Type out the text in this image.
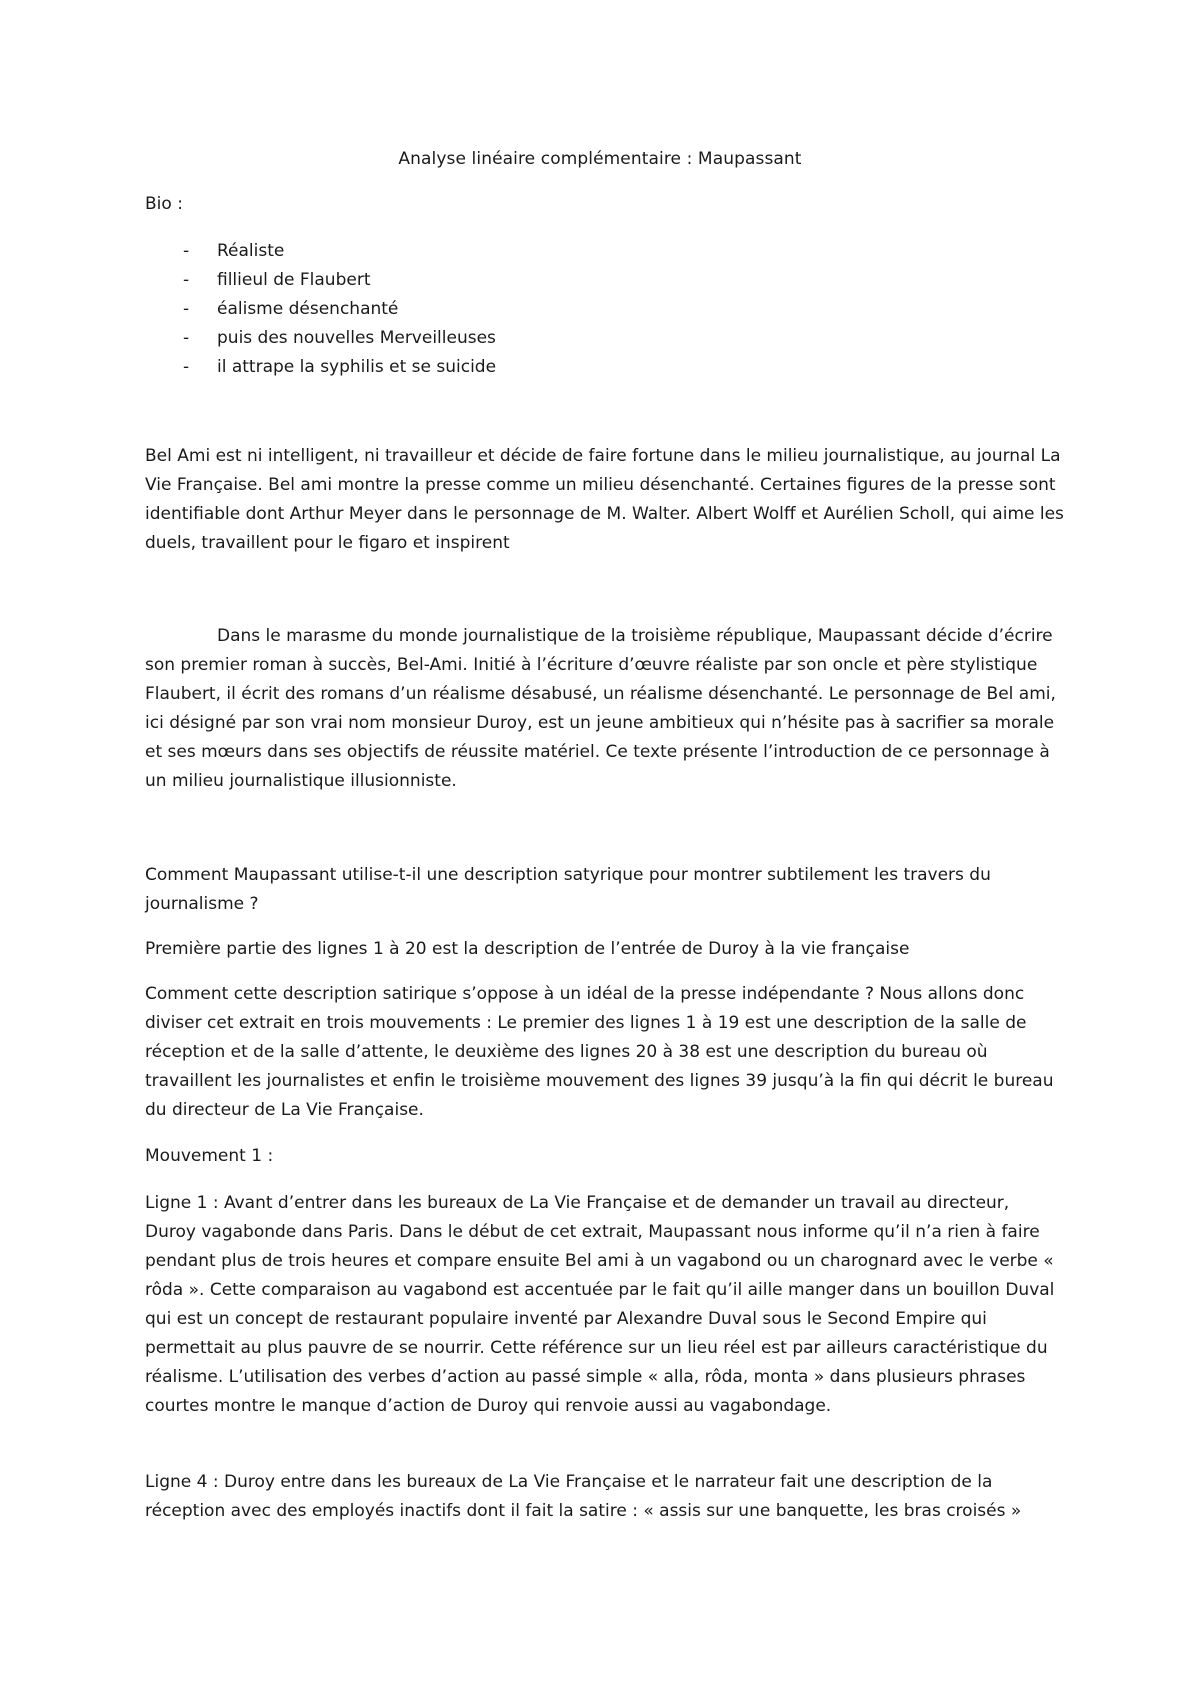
Analyse linéaire complémentaire : Maupassant
Bio :
- Réaliste
- fillieul de Flaubert
- éalisme désenchanté
- puis des nouvelles Merveilleuses
- il attrape la syphilis et se suicide

Bel Ami est ni intelligent, ni travailleur et décide de faire fortune dans le milieu journalistique, au journal La Vie Française. Bel ami montre la presse comme un milieu désenchanté. Certaines figures de la presse sont identifiable dont Arthur Meyer dans le personnage de M. Walter. Albert Wolff et Aurélien Scholl, qui aime les duels, travaillent pour le figaro et inspirent

Dans le marasme du monde journalistique de la troisième république, Maupassant décide d’écrire son premier roman à succès, Bel-Ami. Initié à l’écriture d’œuvre réaliste par son oncle et père stylistique Flaubert, il écrit des romans d’un réalisme désabusé, un réalisme désenchanté. Le personnage de Bel ami, ici désigné par son vrai nom monsieur Duroy, est un jeune ambitieux qui n’hésite pas à sacrifier sa morale et ses mœurs dans ses objectifs de réussite matériel. Ce texte présente l’introduction de ce personnage à un milieu journalistique illusionniste.

Comment Maupassant utilise-t-il une description satyrique pour montrer subtilement les travers du journalisme ?

Première partie des lignes 1 à 20 est la description de l’entrée de Duroy à la vie française

Comment cette description satirique s’oppose à un idéal de la presse indépendante ? Nous allons donc diviser cet extrait en trois mouvements : Le premier des lignes 1 à 19 est une description de la salle de réception et de la salle d’attente, le deuxième des lignes 20 à 38 est une description du bureau où travaillent les journalistes et enfin le troisième mouvement des lignes 39 jusqu’à la fin qui décrit le bureau du directeur de La Vie Française.

Mouvement 1 :

Ligne 1 : Avant d’entrer dans les bureaux de La Vie Française et de demander un travail au directeur, Duroy vagabonde dans Paris. Dans le début de cet extrait, Maupassant nous informe qu’il n’a rien à faire pendant plus de trois heures et compare ensuite Bel ami à un vagabond ou un charognard avec le verbe « rôda ». Cette comparaison au vagabond est accentuée par le fait qu’il aille manger dans un bouillon Duval qui est un concept de restaurant populaire inventé par Alexandre Duval sous le Second Empire qui permettait au plus pauvre de se nourrir. Cette référence sur un lieu réel est par ailleurs caractéristique du réalisme. L’utilisation des verbes d’action au passé simple « alla, rôda, monta » dans plusieurs phrases courtes montre le manque d’action de Duroy qui renvoie aussi au vagabondage.

Ligne 4 : Duroy entre dans les bureaux de La Vie Française et le narrateur fait une description de la réception avec des employés inactifs dont il fait la satire : « assis sur une banquette, les bras croisés »
